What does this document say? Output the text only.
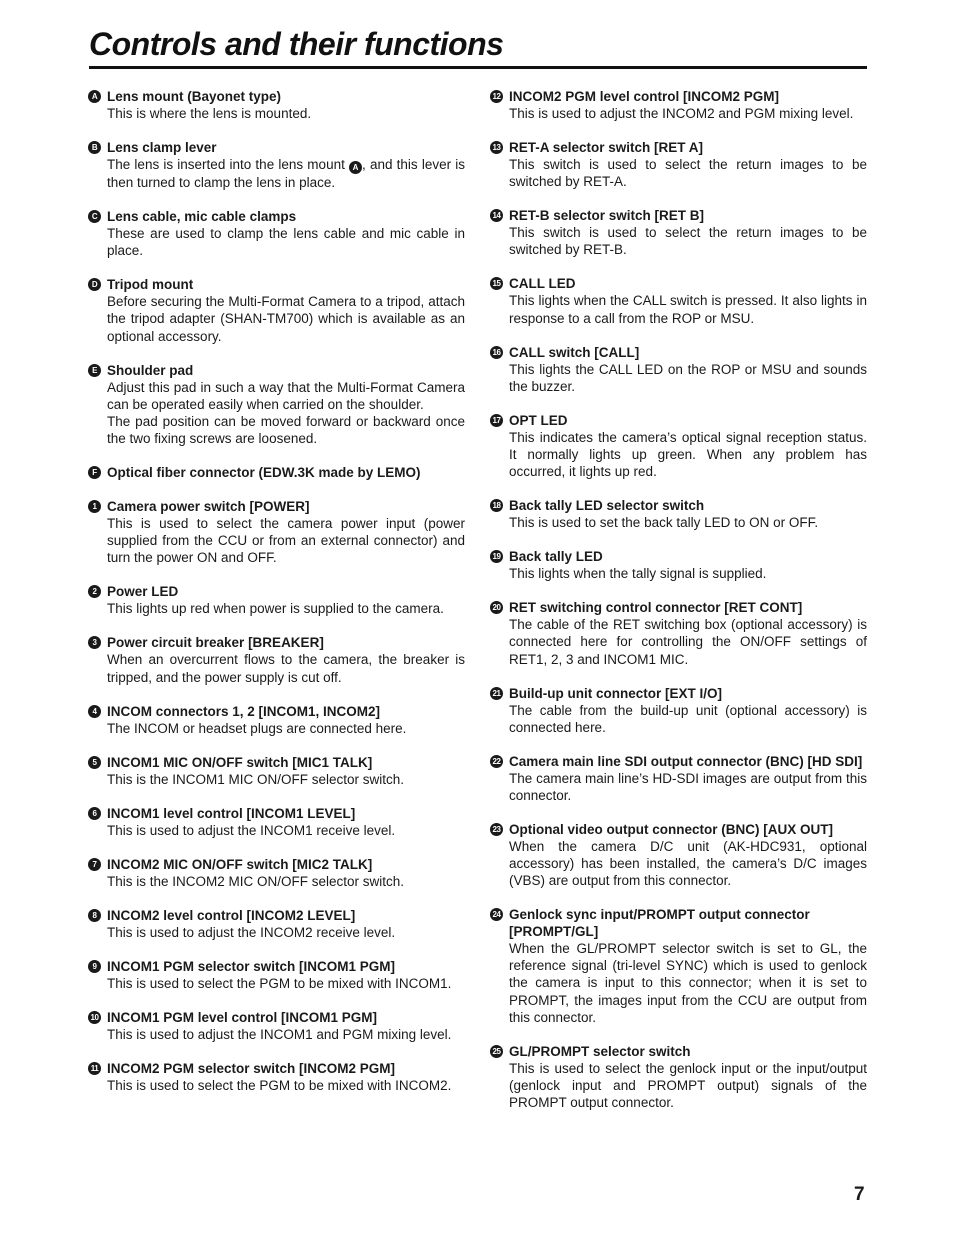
Controls and their functions
A Lens mount (Bayonet type)

This is where the lens is mounted.

B Lens clamp lever

The lens is inserted into the lens mount A , and this lever is then turned to clamp the lens in place.

C Lens cable, mic cable clamps

These are used to clamp the lens cable and mic cable in place.

D Tripod mount

Before securing the Multi-Format Camera to a tripod, attach the tripod adapter (SHAN-TM700) which is available as an optional accessory.

E Shoulder pad

Adjust this pad in such a way that the Multi-Format Camera can be operated easily when carried on the shoulder.

The pad position can be moved forward or backward once the two fixing screws are loosened.

F Optical fiber connector (EDW.3K made by LEMO)
1 Camera power switch [POWER]

This is used to select the camera power input (power supplied from the CCU or from an external connector) and turn the power ON and OFF.

2 Power LED

This lights up red when power is supplied to the camera.

3 Power circuit breaker [BREAKER]

When an overcurrent flows to the camera, the breaker is tripped, and the power supply is cut off.

4 INCOM connectors 1, 2 [INCOM1, INCOM2]

The INCOM or headset plugs are connected here.

5 INCOM1 MIC ON/OFF switch [MIC1 TALK]

This is the INCOM1 MIC ON/OFF selector switch.

6 INCOM1 level control [INCOM1 LEVEL]

This is used to adjust the INCOM1 receive level.

7 INCOM2 MIC ON/OFF switch [MIC2 TALK]

This is the INCOM2 MIC ON/OFF selector switch.

8 INCOM2 level control [INCOM2 LEVEL]

This is used to adjust the INCOM2 receive level.

9 INCOM1 PGM selector switch [INCOM1 PGM]

This is used to select the PGM to be mixed with INCOM1.

10 INCOM1 PGM level control [INCOM1 PGM]

This is used to adjust the INCOM1 and PGM mixing level.

11 INCOM2 PGM selector switch [INCOM2 PGM]

This is used to select the PGM to be mixed with INCOM2.

12 INCOM2 PGM level control [INCOM2 PGM]

This is used to adjust the INCOM2 and PGM mixing level.

13 RET-A selector switch [RET A]

This switch is used to select the return images to be switched by RET-A.

14 RET-B selector switch [RET B]

This switch is used to select the return images to be switched by RET-B.

15 CALL LED

This lights when the CALL switch is pressed. It also lights in response to a call from the ROP or MSU.

16 CALL switch [CALL]

This lights the CALL LED on the ROP or MSU and sounds the buzzer.

17 OPT LED

This indicates the camera’s optical signal reception status. It normally lights up green. When any problem has occurred, it lights up red.

18 Back tally LED selector switch

This is used to set the back tally LED to ON or OFF.

19 Back tally LED

This lights when the tally signal is supplied.

20 RET switching control connector [RET CONT]

The cable of the RET switching box (optional accessory) is connected here for controlling the ON/OFF settings of RET1, 2, 3 and INCOM1 MIC.

21 Build-up unit connector [EXT I/O]

The cable from the build-up unit (optional accessory) is connected here.

22 Camera main line SDI output connector (BNC) [HD SDI]

The camera main line’s HD-SDI images are output from this connector.

23 Optional video output connector (BNC) [AUX OUT]

When the camera D/C unit (AK-HDC931, optional accessory) has been installed, the camera’s D/C images (VBS) are output from this connector.

24 Genlock sync input/PROMPT output connector [PROMPT/GL]

When the GL/PROMPT selector switch is set to GL, the reference signal (tri-level SYNC) which is used to genlock the camera is input to this connector; when it is set to PROMPT, the images input from the CCU are output from this connector.

25 GL/PROMPT selector switch

This is used to select the genlock input or the input/output (genlock input and PROMPT output) signals of the PROMPT output connector.

7
